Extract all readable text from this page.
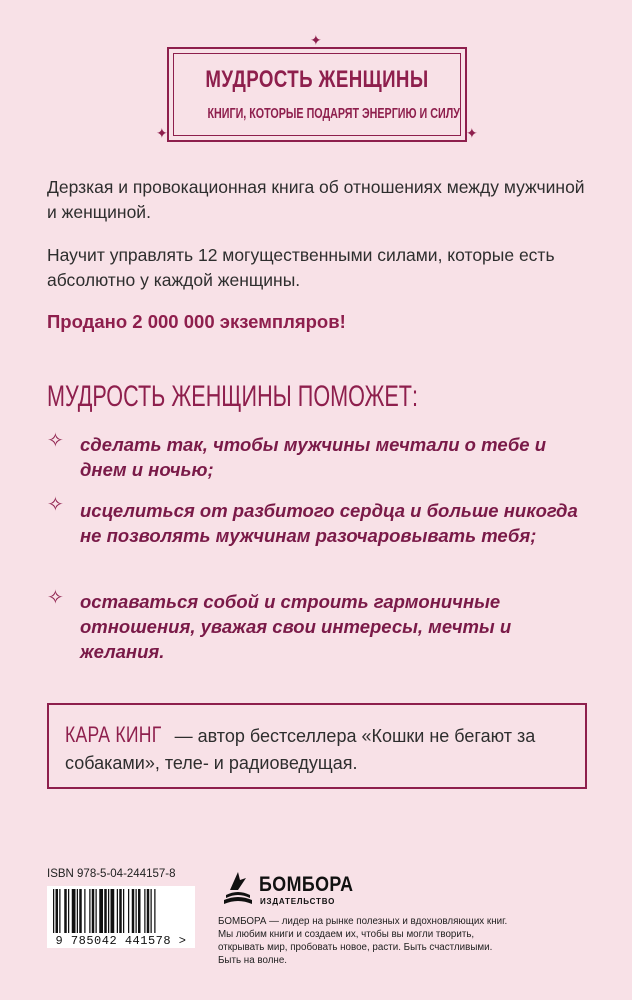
✦
✦	✦
МУДРОСТЬ ЖЕНЩИНЫ
КНИГИ, КОТОРЫЕ ПОДАРЯТ ЭНЕРГИЮ И СИЛУ
Дерзкая и провокационная книга об отношениях между мужчиной и женщиной.
Научит управлять 12 могущественными силами, которые есть абсолютно у каждой женщины.
Продано 2 000 000 экземпляров!
МУДРОСТЬ ЖЕНЩИНЫ ПОМОЖЕТ:
✧ сделать так, чтобы мужчины мечтали о тебе и днем и ночью;
✧ исцелиться от разбитого сердца и больше никогда не позволять мужчинам разочаровывать тебя;
✧ оставаться собой и строить гармоничные отношения, уважая свои интересы, мечты и желания.
КАРА КИНГ — автор бестселлера «Кошки не бегают за собаками», теле- и радиоведущая.
ISBN 978-5-04-244157-8
9 785042 441578 >
БОМБОРА
ИЗДАТЕЛЬСТВО
БОМБОРА — лидер на рынке полезных и вдохновляющих книг. Мы любим книги и создаем их, чтобы вы могли творить, открывать мир, пробовать новое, расти. Быть счастливыми. Быть на волне.
